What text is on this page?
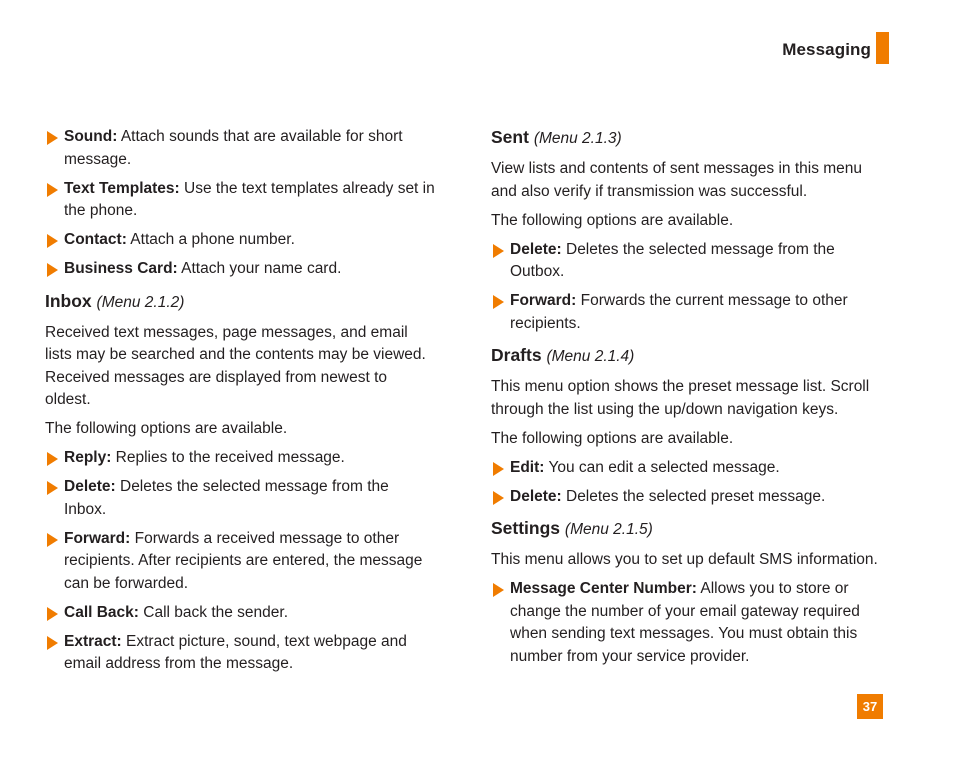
Messaging
Sound: Attach sounds that are available for short message.
Text Templates: Use the text templates already set in the phone.
Contact: Attach a phone number.
Business Card: Attach your name card.
Inbox (Menu 2.1.2)
Received text messages, page messages, and email lists may be searched and the contents may be viewed. Received messages are displayed from newest to oldest.
The following options are available.
Reply: Replies to the received message.
Delete: Deletes the selected message from the Inbox.
Forward: Forwards a received message to other recipients. After recipients are entered, the message can be forwarded.
Call Back: Call back the sender.
Extract: Extract picture, sound, text webpage and email address from the message.
Sent (Menu 2.1.3)
View lists and contents of sent messages in this menu and also verify if transmission was successful.
The following options are available.
Delete: Deletes the selected message from the Outbox.
Forward: Forwards the current message to other recipients.
Drafts (Menu 2.1.4)
This menu option shows the preset message list. Scroll through the list using the up/down navigation keys.
The following options are available.
Edit: You can edit a selected message.
Delete: Deletes the selected preset message.
Settings (Menu 2.1.5)
This menu allows you to set up default SMS information.
Message Center Number: Allows you to store or change the number of your email gateway required when sending text messages. You must obtain this number from your service provider.
37
